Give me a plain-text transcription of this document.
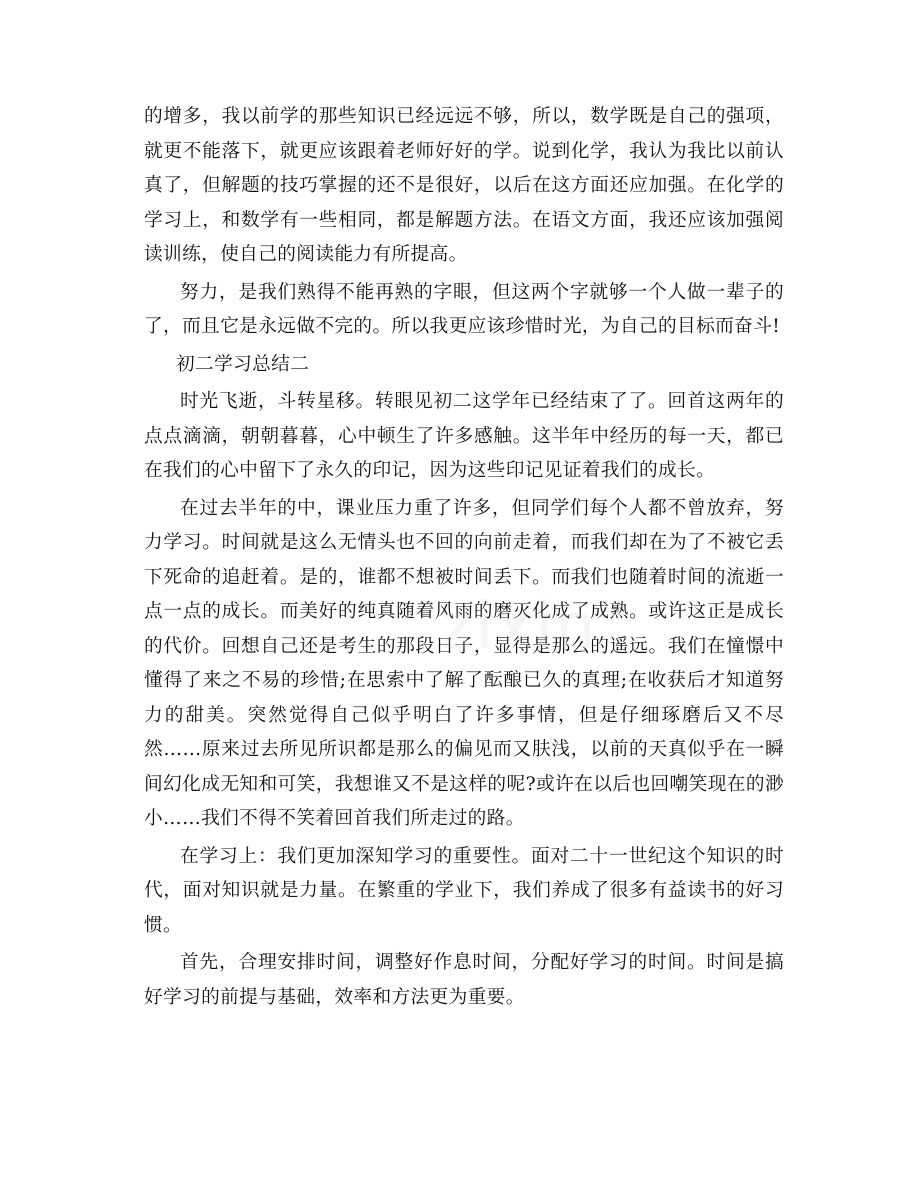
的增多，我以前学的那些知识已经远远不够，所以，数学既是自己的强项，就更不能落下，就更应该跟着老师好好的学。说到化学，我认为我比以前认真了，但解题的技巧掌握的还不是很好，以后在这方面还应加强。在化学的学习上，和数学有一些相同，都是解题方法。在语文方面，我还应该加强阅读训练，使自己的阅读能力有所提高。

努力，是我们熟得不能再熟的字眼，但这两个字就够一个人做一辈子的了，而且它是永远做不完的。所以我更应该珍惜时光，为自己的目标而奋斗!

初二学习总结二

时光飞逝，斗转星移。转眼见初二这学年已经结束了了。回首这两年的点点滴滴，朝朝暮暮，心中顿生了许多感触。这半年中经历的每一天，都已在我们的心中留下了永久的印记，因为这些印记见证着我们的成长。

在过去半年的中，课业压力重了许多，但同学们每个人都不曾放弃，努力学习。时间就是这么无情头也不回的向前走着，而我们却在为了不被它丢下死命的追赶着。是的，谁都不想被时间丢下。而我们也随着时间的流逝一点一点的成长。而美好的纯真随着风雨的磨灭化成了成熟。或许这正是成长的代价。回想自己还是考生的那段日子，显得是那么的遥远。我们在憧憬中懂得了来之不易的珍惜;在思索中了解了酝酿已久的真理;在收获后才知道努力的甜美。突然觉得自己似乎明白了许多事情，但是仔细琢磨后又不尽然……原来过去所见所识都是那么的偏见而又肤浅，以前的天真似乎在一瞬间幻化成无知和可笑，我想谁又不是这样的呢?或许在以后也回嘲笑现在的渺小……我们不得不笑着回首我们所走过的路。

在学习上：我们更加深知学习的重要性。面对二十一世纪这个知识的时代，面对知识就是力量。在繁重的学业下，我们养成了很多有益读书的好习惯。

首先，合理安排时间，调整好作息时间，分配好学习的时间。时间是搞好学习的前提与基础，效率和方法更为重要。

zixin
